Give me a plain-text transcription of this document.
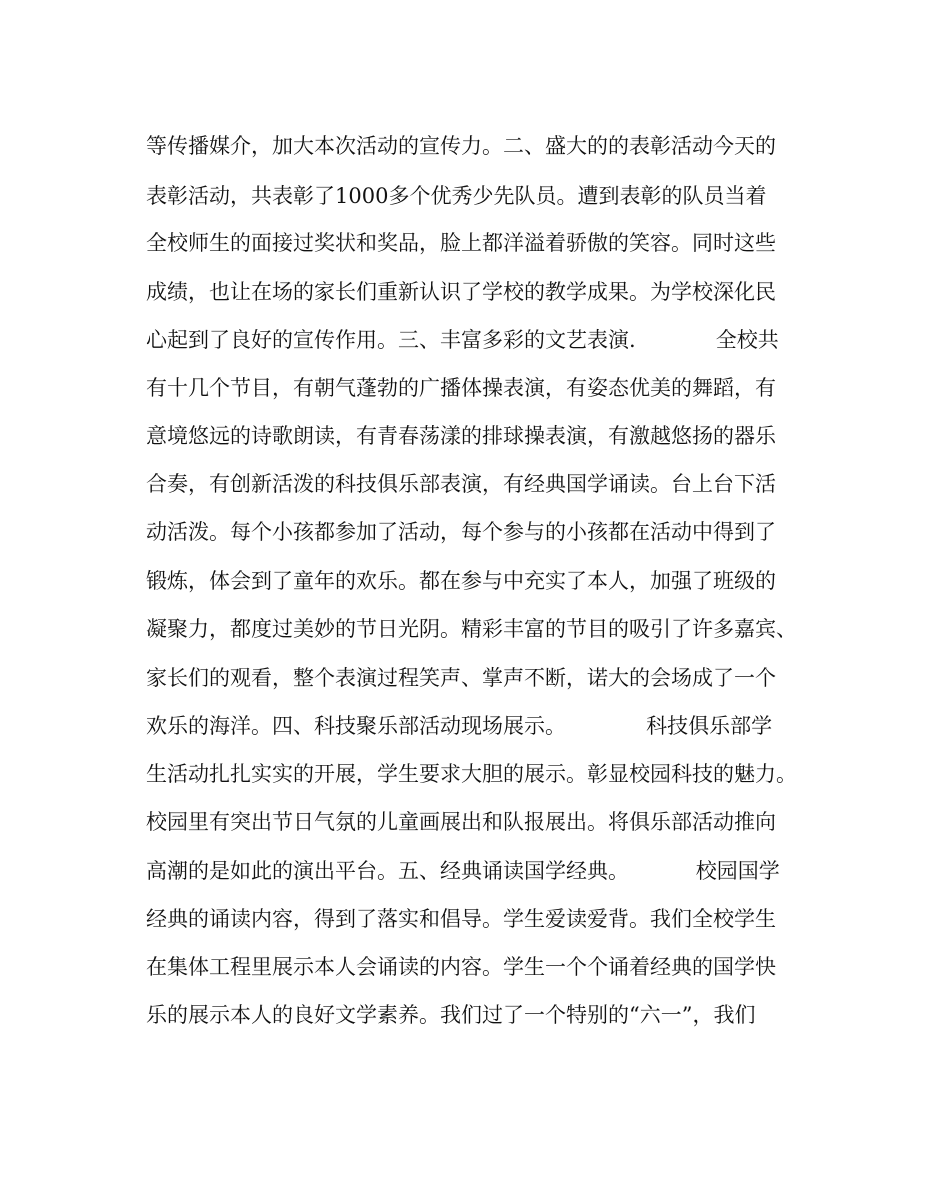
等传播媒介，加大本次活动的宣传力。二、盛大的的表彰活动今天的

表彰活动，共表彰了1000多个优秀少先队员。遭到表彰的队员当着

全校师生的面接过奖状和奖品，脸上都洋溢着骄傲的笑容。同时这些

成绩，也让在场的家长们重新认识了学校的教学成果。为学校深化民

心起到了良好的宣传作用。三、丰富多彩的文艺表演.            全校共

有十几个节目，有朝气蓬勃的广播体操表演，有姿态优美的舞蹈，有

意境悠远的诗歌朗读，有青春荡漾的排球操表演，有激越悠扬的器乐

合奏，有创新活泼的科技俱乐部表演，有经典国学诵读。台上台下活

动活泼。每个小孩都参加了活动，每个参与的小孩都在活动中得到了

锻炼，体会到了童年的欢乐。都在参与中充实了本人，加强了班级的

凝聚力，都度过美妙的节日光阴。精彩丰富的节目的吸引了许多嘉宾、

家长们的观看，整个表演过程笑声、掌声不断，诺大的会场成了一个

欢乐的海洋。四、科技聚乐部活动现场展示。            科技俱乐部学

生活动扎扎实实的开展，学生要求大胆的展示。彰显校园科技的魅力。

校园里有突出节日气氛的儿童画展出和队报展出。将俱乐部活动推向

高潮的是如此的演出平台。五、经典诵读国学经典。          校园国学

经典的诵读内容，得到了落实和倡导。学生爱读爱背。我们全校学生

在集体工程里展示本人会诵读的内容。学生一个个诵着经典的国学快

乐的展示本人的良好文学素养。我们过了一个特别的“六一”，我们
